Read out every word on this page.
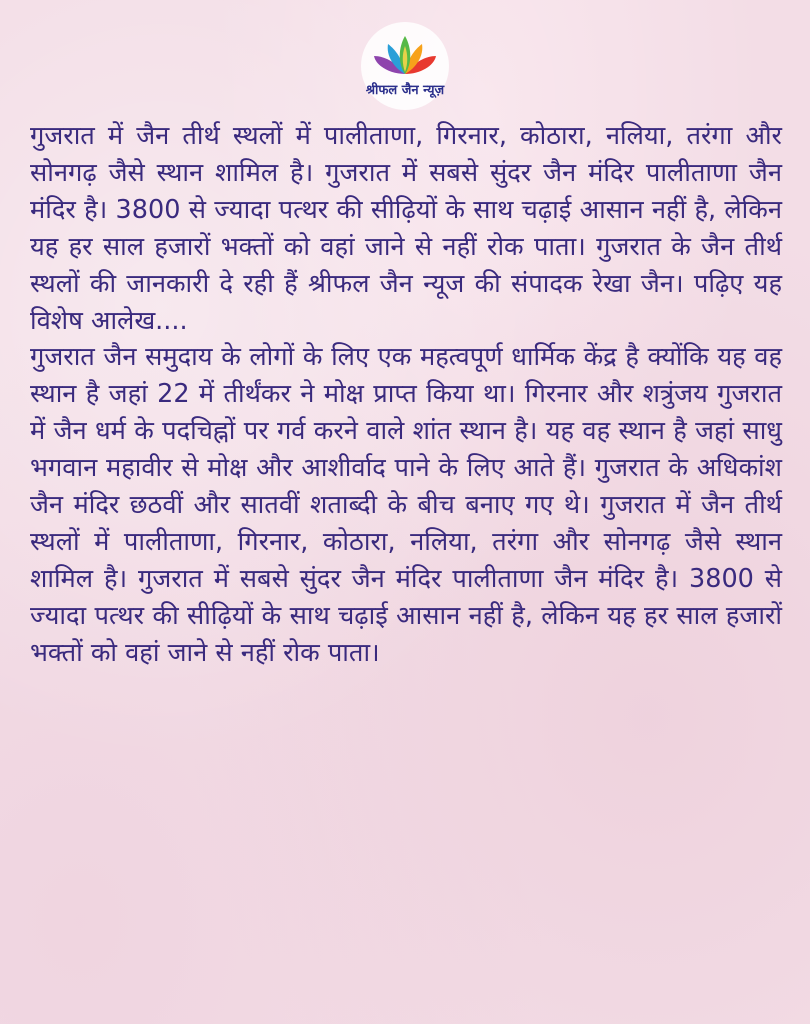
श्रीफल जैन न्यूज़

गुजरात में जैन तीर्थ स्थलों में पालीताणा, गिरनार, कोठारा, नलिया, तरंगा और सोनगढ़ जैसे स्थान शामिल है। गुजरात में सबसे सुंदर जैन मंदिर पालीताणा जैन मंदिर है। 3800 से ज्यादा पत्थर की सीढ़ियों के साथ चढ़ाई आसान नहीं है, लेकिन यह हर साल हजारों भक्तों को वहां जाने से नहीं रोक पाता। गुजरात के जैन तीर्थ स्थलों की जानकारी दे रही हैं श्रीफल जैन न्यूज की संपादक रेखा जैन। पढ़िए यह विशेष आलेख....

गुजरात जैन समुदाय के लोगों के लिए एक महत्वपूर्ण धार्मिक केंद्र है क्योंकि यह वह स्थान है जहां 22 में तीर्थंकर ने मोक्ष प्राप्त किया था। गिरनार और शत्रुंजय गुजरात में जैन धर्म के पदचिह्नों पर गर्व करने वाले शांत स्थान है। यह वह स्थान है जहां साधु भगवान महावीर से मोक्ष और आशीर्वाद पाने के लिए आते हैं। गुजरात के अधिकांश जैन मंदिर छठवीं और सातवीं शताब्दी के बीच बनाए गए थे। गुजरात में जैन तीर्थ स्थलों में पालीताणा, गिरनार, कोठारा, नलिया, तरंगा और सोनगढ़ जैसे स्थान शामिल है। गुजरात में सबसे सुंदर जैन मंदिर पालीताणा जैन मंदिर है। 3800 से ज्यादा पत्थर की सीढ़ियों के साथ चढ़ाई आसान नहीं है, लेकिन यह हर साल हजारों भक्तों को वहां जाने से नहीं रोक पाता।
